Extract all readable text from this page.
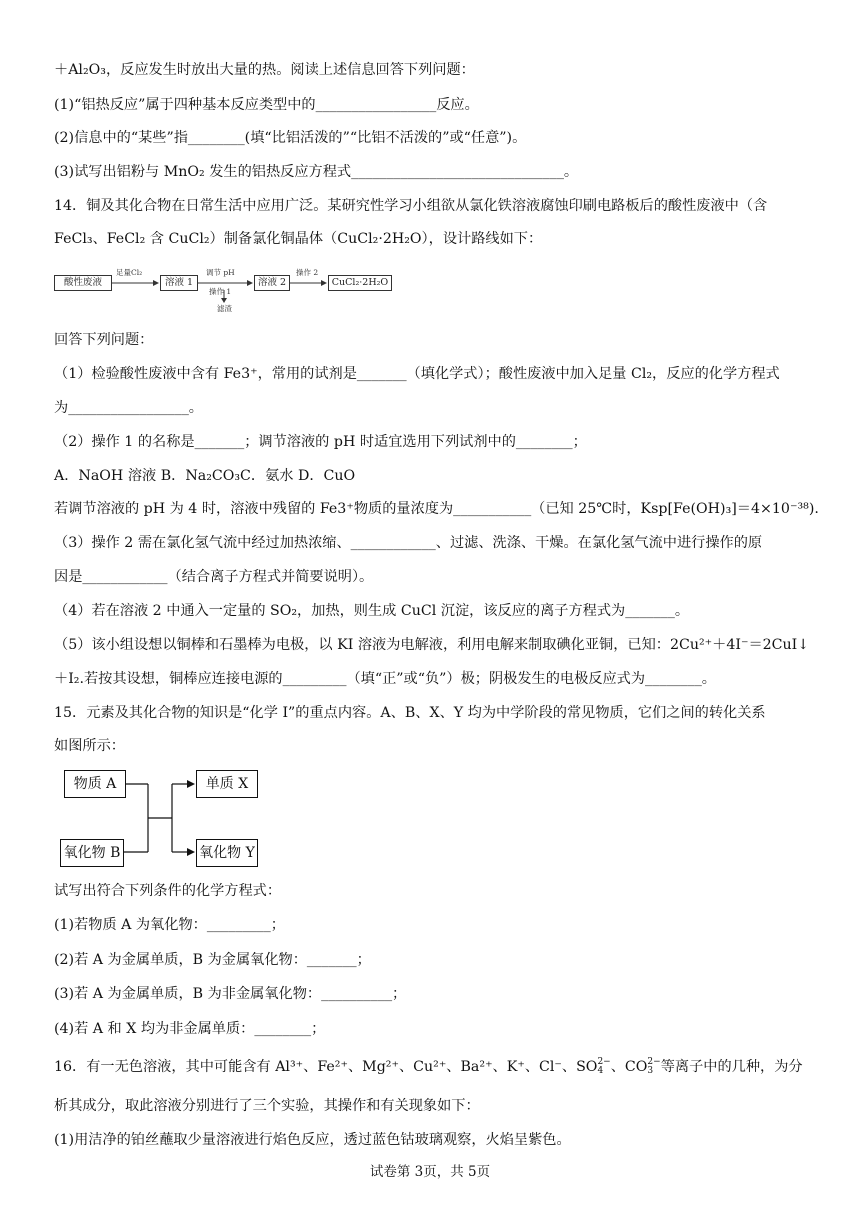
＋Al₂O₃，反应发生时放出大量的热。阅读上述信息回答下列问题：
(1)“铝热反应”属于四种基本反应类型中的_________________反应。
(2)信息中的“某些”指________(填“比铝活泼的”“比铝不活泼的”或“任意”)。
(3)试写出铝粉与 MnO₂ 发生的铝热反应方程式______________________________。
14．铜及其化合物在日常生活中应用广泛。某研究性学习小组欲从氯化铁溶液腐蚀印刷电路板后的酸性废液中（含
FeCl₃、FeCl₂ 含 CuCl₂）制备氯化铜晶体（CuCl₂·2H₂O），设计路线如下：
酸性废液
足量Cl₂
溶液 1
调节 pH
操作 1
滤渣
溶液 2
操作 2
CuCl₂·2H₂O
回答下列问题：
（1）检验酸性废液中含有 Fe3⁺，常用的试剂是_______（填化学式）；酸性废液中加入足量 Cl₂，反应的化学方程式
为_________________。
（2）操作 1 的名称是_______；调节溶液的 pH 时适宜选用下列试剂中的________；
A．NaOH 溶液 B．Na₂CO₃C．氨水 D．CuO
若调节溶液的 pH 为 4 时，溶液中残留的 Fe3⁺物质的量浓度为___________（已知 25℃时，Ksp[Fe(OH)₃]＝4×10⁻³⁸).
（3）操作 2 需在氯化氢气流中经过加热浓缩、____________、过滤、洗涤、干燥。在氯化氢气流中进行操作的原
因是____________（结合离子方程式并简要说明）。
（4）若在溶液 2 中通入一定量的 SO₂，加热，则生成 CuCl 沉淀，该反应的离子方程式为_______。
（5）该小组设想以铜棒和石墨棒为电极，以 KI 溶液为电解液，利用电解来制取碘化亚铜，已知：2Cu²⁺＋4I⁻＝2CuI↓
＋I₂.若按其设想，铜棒应连接电源的_________（填“正”或“负”）极；阴极发生的电极反应式为________。
15．元素及其化合物的知识是“化学 I”的重点内容。A、B、X、Y 均为中学阶段的常见物质，它们之间的转化关系
如图所示：
物质 A
氧化物 B
单质 X
氧化物 Y
试写出符合下列条件的化学方程式：
(1)若物质 A 为氧化物：_________；
(2)若 A 为金属单质，B 为金属氧化物：_______；
(3)若 A 为金属单质，B 为非金属氧化物：__________；
(4)若 A 和 X 均为非金属单质：________；
16．有一无色溶液，其中可能含有 Al³⁺、Fe²⁺、Mg²⁺、Cu²⁺、Ba²⁺、K⁺、Cl⁻、SO 2−
4 、CO 2−
3 等离子中的几种，为分
析其成分，取此溶液分别进行了三个实验，其操作和有关现象如下：
(1)用洁净的铂丝蘸取少量溶液进行焰色反应，透过蓝色钴玻璃观察，火焰呈紫色。
试卷第 3页，共 5页
